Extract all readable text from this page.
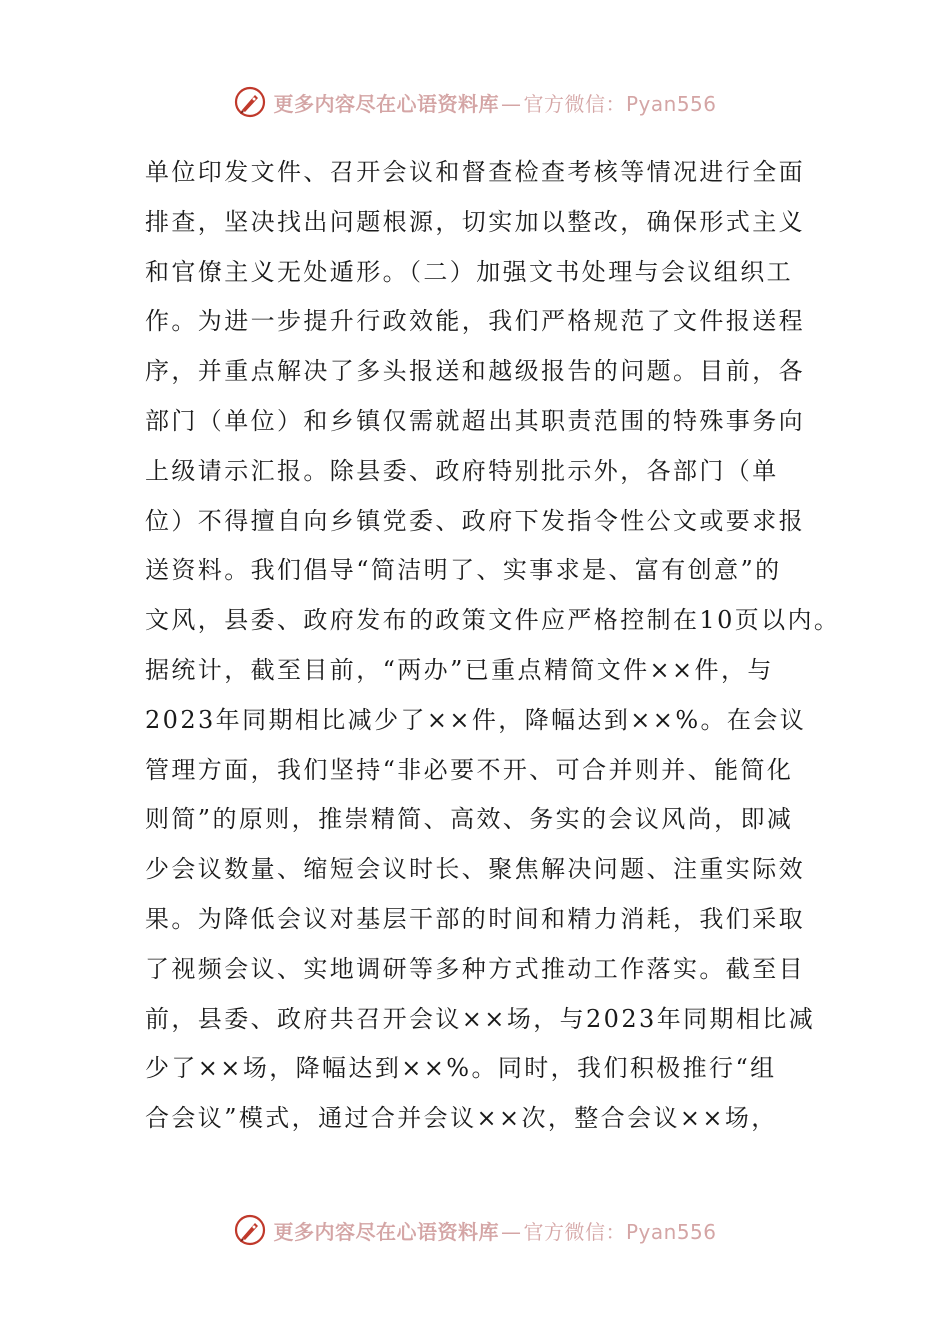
更多内容尽在心语资料库 — 官方微信：Pyan556
单位印发文件、召开会议和督查检查考核等情况进行全面
排查，坚决找出问题根源，切实加以整改，确保形式主义
和官僚主义无处遁形。（二）加强文书处理与会议组织工
作。为进一步提升行政效能，我们严格规范了文件报送程
序，并重点解决了多头报送和越级报告的问题。目前，各
部门（单位）和乡镇仅需就超出其职责范围的特殊事务向
上级请示汇报。除县委、政府特别批示外，各部门（单
位）不得擅自向乡镇党委、政府下发指令性公文或要求报
送资料。我们倡导“简洁明了、实事求是、富有创意”的
文风，县委、政府发布的政策文件应严格控制在10页以内。
据统计，截至目前，“两办”已重点精简文件××件，与
2023年同期相比减少了××件，降幅达到××%。在会议
管理方面，我们坚持“非必要不开、可合并则并、能简化
则简”的原则，推崇精简、高效、务实的会议风尚，即减
少会议数量、缩短会议时长、聚焦解决问题、注重实际效
果。为降低会议对基层干部的时间和精力消耗，我们采取
了视频会议、实地调研等多种方式推动工作落实。截至目
前，县委、政府共召开会议××场，与2023年同期相比减
少了××场，降幅达到××%。同时，我们积极推行“组
合会议”模式，通过合并会议××次，整合会议××场，
更多内容尽在心语资料库 — 官方微信：Pyan556
